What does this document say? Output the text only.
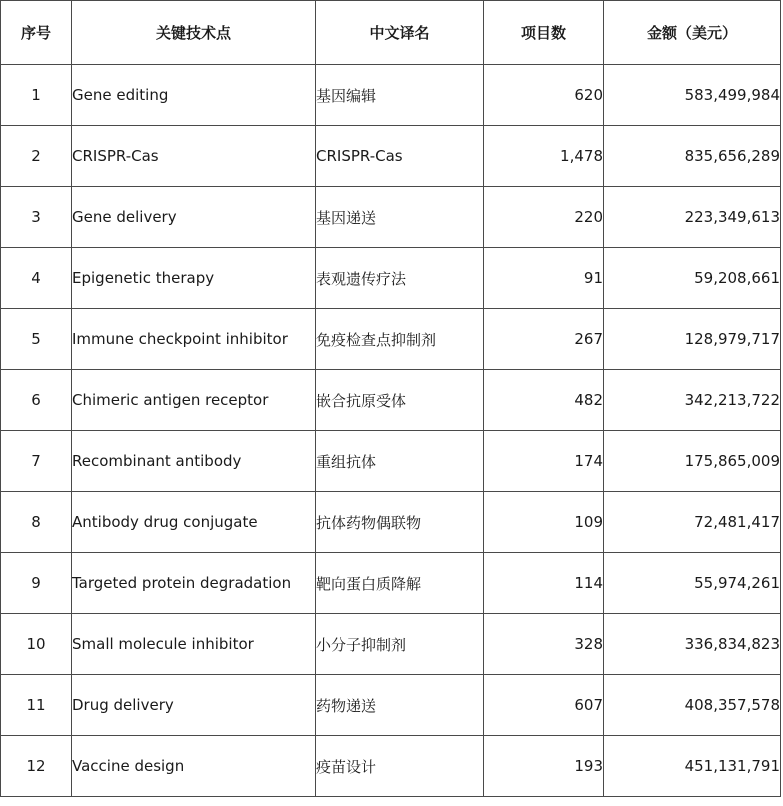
序号	关键技术点	中文译名	项目数	金额（美元）
1	Gene editing	基因编辑	620	583,499,984
2	CRISPR-Cas	CRISPR-Cas	1,478	835,656,289
3	Gene delivery	基因递送	220	223,349,613
4	Epigenetic therapy	表观遗传疗法	91	59,208,661
5	Immune checkpoint inhibitor	免疫检查点抑制剂	267	128,979,717
6	Chimeric antigen receptor	嵌合抗原受体	482	342,213,722
7	Recombinant antibody	重组抗体	174	175,865,009
8	Antibody drug conjugate	抗体药物偶联物	109	72,481,417
9	Targeted protein degradation	靶向蛋白质降解	114	55,974,261
10	Small molecule inhibitor	小分子抑制剂	328	336,834,823
11	Drug delivery	药物递送	607	408,357,578
12	Vaccine design	疫苗设计	193	451,131,791
